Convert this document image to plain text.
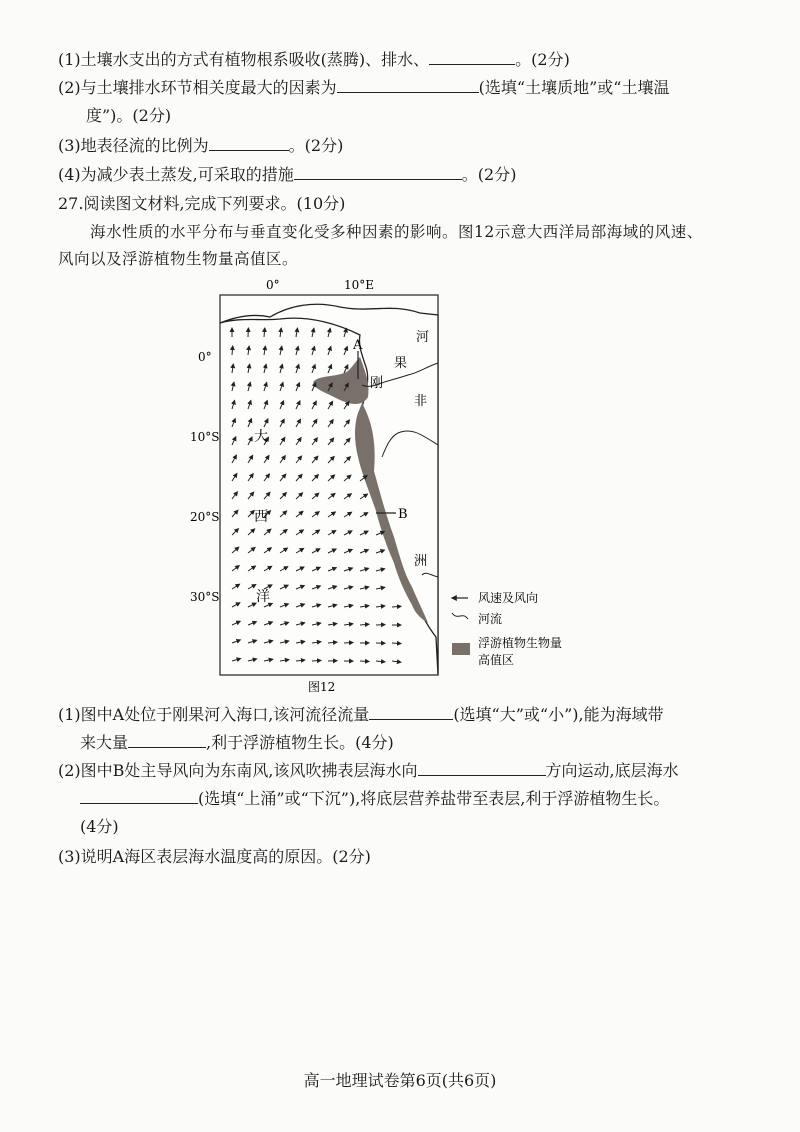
(1)土壤水支出的方式有植物根系吸收(蒸腾)、排水、	。(2分)
(2)与土壤排水环节相关度最大的因素为	(选填“土壤质地”或“土壤温
度”)。(2分)
(3)地表径流的比例为	。(2分)
(4)为减少表土蒸发,可采取的措施	。(2分)
27.阅读图文材料,完成下列要求。(10分)
海水性质的水平分布与垂直变化受多种因素的影响。图12示意大西洋局部海域的风速、
风向以及浮游植物生物量高值区。
A
B
0°	10°E
0°
10°S
20°S
30°S
大
西
洋
刚
果
河
非
洲
风速及风向
河流
浮游植物生物量
高值区
图12
(1)图中A处位于刚果河入海口,该河流径流量	(选填“大”或“小”),能为海域带
来大量	,利于浮游植物生长。(4分)
(2)图中B处主导风向为东南风,该风吹拂表层海水向	方向运动,底层海水
(选填“上涌”或“下沉”),将底层营养盐带至表层,利于浮游植物生长。
(4分)
(3)说明A海区表层海水温度高的原因。(2分)
高一地理试卷第6页(共6页)
